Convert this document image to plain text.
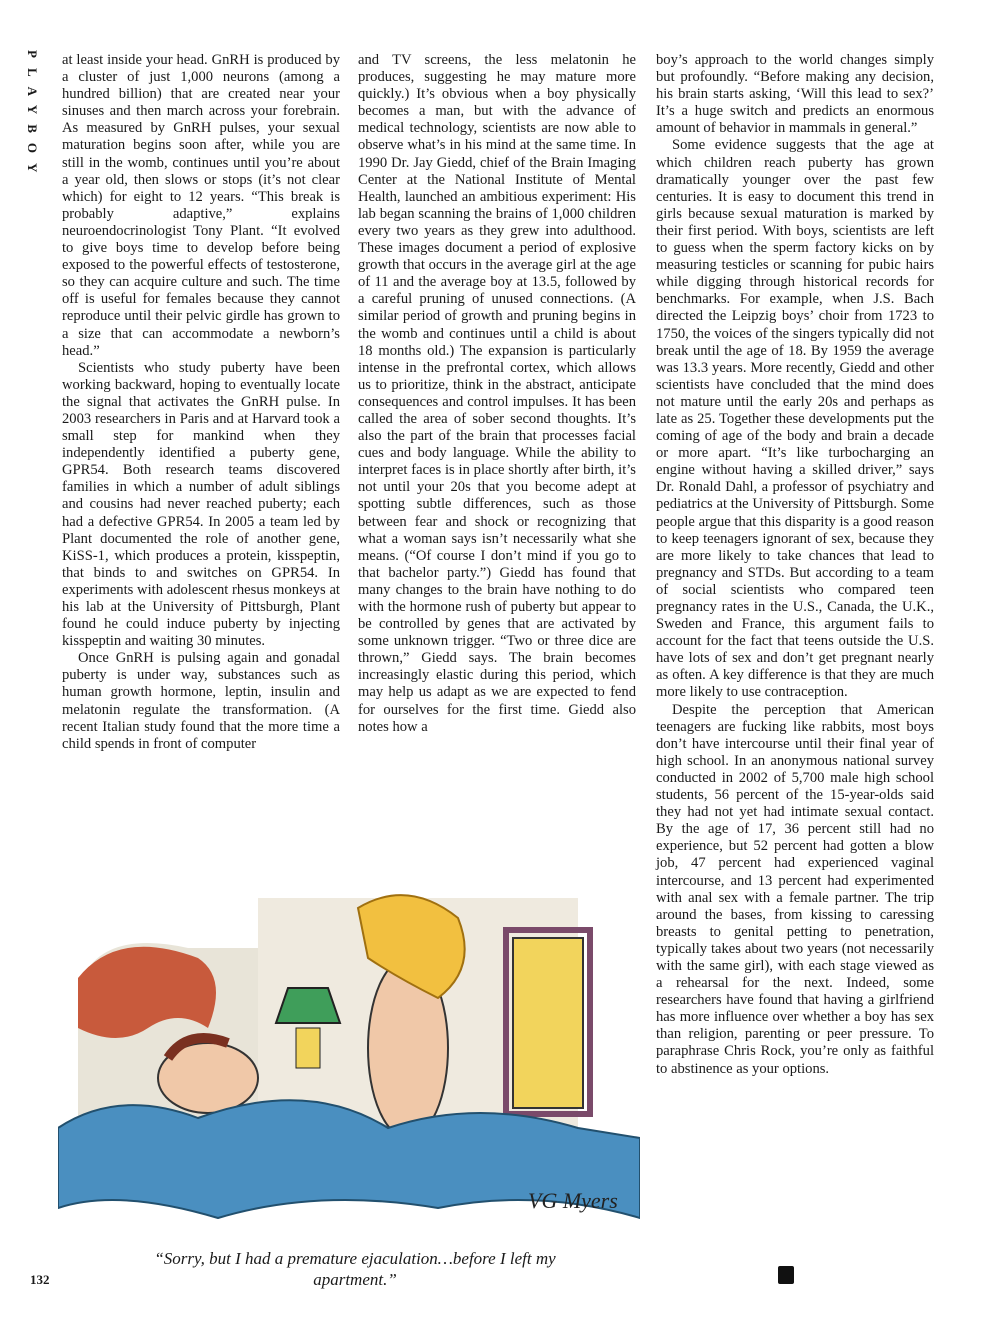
PLAYBOY at least inside your head. GnRH is produced by a cluster of just 1,000 neurons (among a hundred billion) that are created near your sinuses and then march across your forebrain. As measured by GnRH pulses, your sexual maturation begins soon after, while you are still in the womb, continues until you’re about a year old, then slows or stops (it’s not clear which) for eight to 12 years. “This break is probably adaptive,” explains neuroendocrinologist Tony Plant. “It evolved to give boys time to develop before being exposed to the powerful effects of testosterone, so they can acquire culture and such. The time off is useful for females because they cannot reproduce until their pelvic girdle has grown to a size that can accommodate a newborn’s head.”

Scientists who study puberty have been working backward, hoping to eventually locate the signal that activates the GnRH pulse. In 2003 researchers in Paris and at Harvard took a small step for mankind when they independently identified a puberty gene, GPR54. Both research teams discovered families in which a number of adult siblings and cousins had never reached puberty; each had a defective GPR54. In 2005 a team led by Plant documented the role of another gene, KiSS-1, which produces a protein, kisspeptin, that binds to and switches on GPR54. In experiments with adolescent rhesus monkeys at his lab at the University of Pittsburgh, Plant found he could induce puberty by injecting kisspeptin and waiting 30 minutes.

Once GnRH is pulsing again and gonadal puberty is under way, substances such as human growth hormone, leptin, insulin and melatonin regulate the transformation. (A recent Italian study found that the more time a child spends in front of computer

and TV screens, the less melatonin he produces, suggesting he may mature more quickly.) It’s obvious when a boy physically becomes a man, but with the advance of medical technology, scientists are now able to observe what’s in his mind at the same time. In 1990 Dr. Jay Giedd, chief of the Brain Imaging Center at the National Institute of Mental Health, launched an ambitious experiment: His lab began scanning the brains of 1,000 children every two years as they grew into adulthood. These images document a period of explosive growth that occurs in the average girl at the age of 11 and the average boy at 13.5, followed by a careful pruning of unused connections. (A similar period of growth and pruning begins in the womb and continues until a child is about 18 months old.) The expansion is particularly intense in the prefrontal cortex, which allows us to prioritize, think in the abstract, anticipate consequences and control impulses. It has been called the area of sober second thoughts. It’s also the part of the brain that processes facial cues and body language. While the ability to interpret faces is in place shortly after birth, it’s not until your 20s that you become adept at spotting subtle differences, such as those between fear and shock or recognizing that what a woman says isn’t necessarily what she means. (“Of course I don’t mind if you go to that bachelor party.”) Giedd has found that many changes to the brain have nothing to do with the hormone rush of puberty but appear to be controlled by genes that are activated by some unknown trigger. “Two or three dice are thrown,” Giedd says. The brain becomes increasingly elastic during this period, which may help us adapt as we are expected to fend for ourselves for the first time. Giedd also notes how a

boy’s approach to the world changes simply but profoundly. “Before making any decision, his brain starts asking, ‘Will this lead to sex?’ It’s a huge switch and predicts an enormous amount of behavior in mammals in general.”

Some evidence suggests that the age at which children reach puberty has grown dramatically younger over the past few centuries. It is easy to document this trend in girls because sexual maturation is marked by their first period. With boys, scientists are left to guess when the sperm factory kicks on by measuring testicles or scanning for pubic hairs while digging through historical records for benchmarks. For example, when J.S. Bach directed the Leipzig boys’ choir from 1723 to 1750, the voices of the singers typically did not break until the age of 18. By 1959 the average was 13.3 years. More recently, Giedd and other scientists have concluded that the mind does not mature until the early 20s and perhaps as late as 25. Together these developments put the coming of age of the body and brain a decade or more apart. “It’s like turbocharging an engine without having a skilled driver,” says Dr. Ronald Dahl, a professor of psychiatry and pediatrics at the University of Pittsburgh. Some people argue that this disparity is a good reason to keep teenagers ignorant of sex, because they are more likely to take chances that lead to pregnancy and STDs. But according to a team of social scientists who compared teen pregnancy rates in the U.S., Canada, the U.K., Sweden and France, this argument fails to account for the fact that teens outside the U.S. have lots of sex and don’t get pregnant nearly as often. A key difference is that they are much more likely to use contraception.

Despite the perception that American teenagers are fucking like rabbits, most boys don’t have intercourse until their final year of high school. In an anonymous national survey conducted in 2002 of 5,700 male high school students, 56 percent of the 15-year-olds said they had not yet had intimate sexual contact. By the age of 17, 36 percent still had no experience, but 52 percent had gotten a blow job, 47 percent had experienced vaginal intercourse, and 13 percent had experimented with anal sex with a female partner. The trip around the bases, from kissing to caressing breasts to genital petting to penetration, typically takes about two years (not necessarily with the same girl), with each stage viewed as a rehearsal for the next. Indeed, some researchers have found that having a girlfriend has more influence over whether a boy has sex than religion, parenting or peer pressure. To paraphrase Chris Rock, you’re only as faithful to abstinence as your options.

VG Myers
“Sorry, but I had a premature ejaculation…before I left my apartment.”
132
